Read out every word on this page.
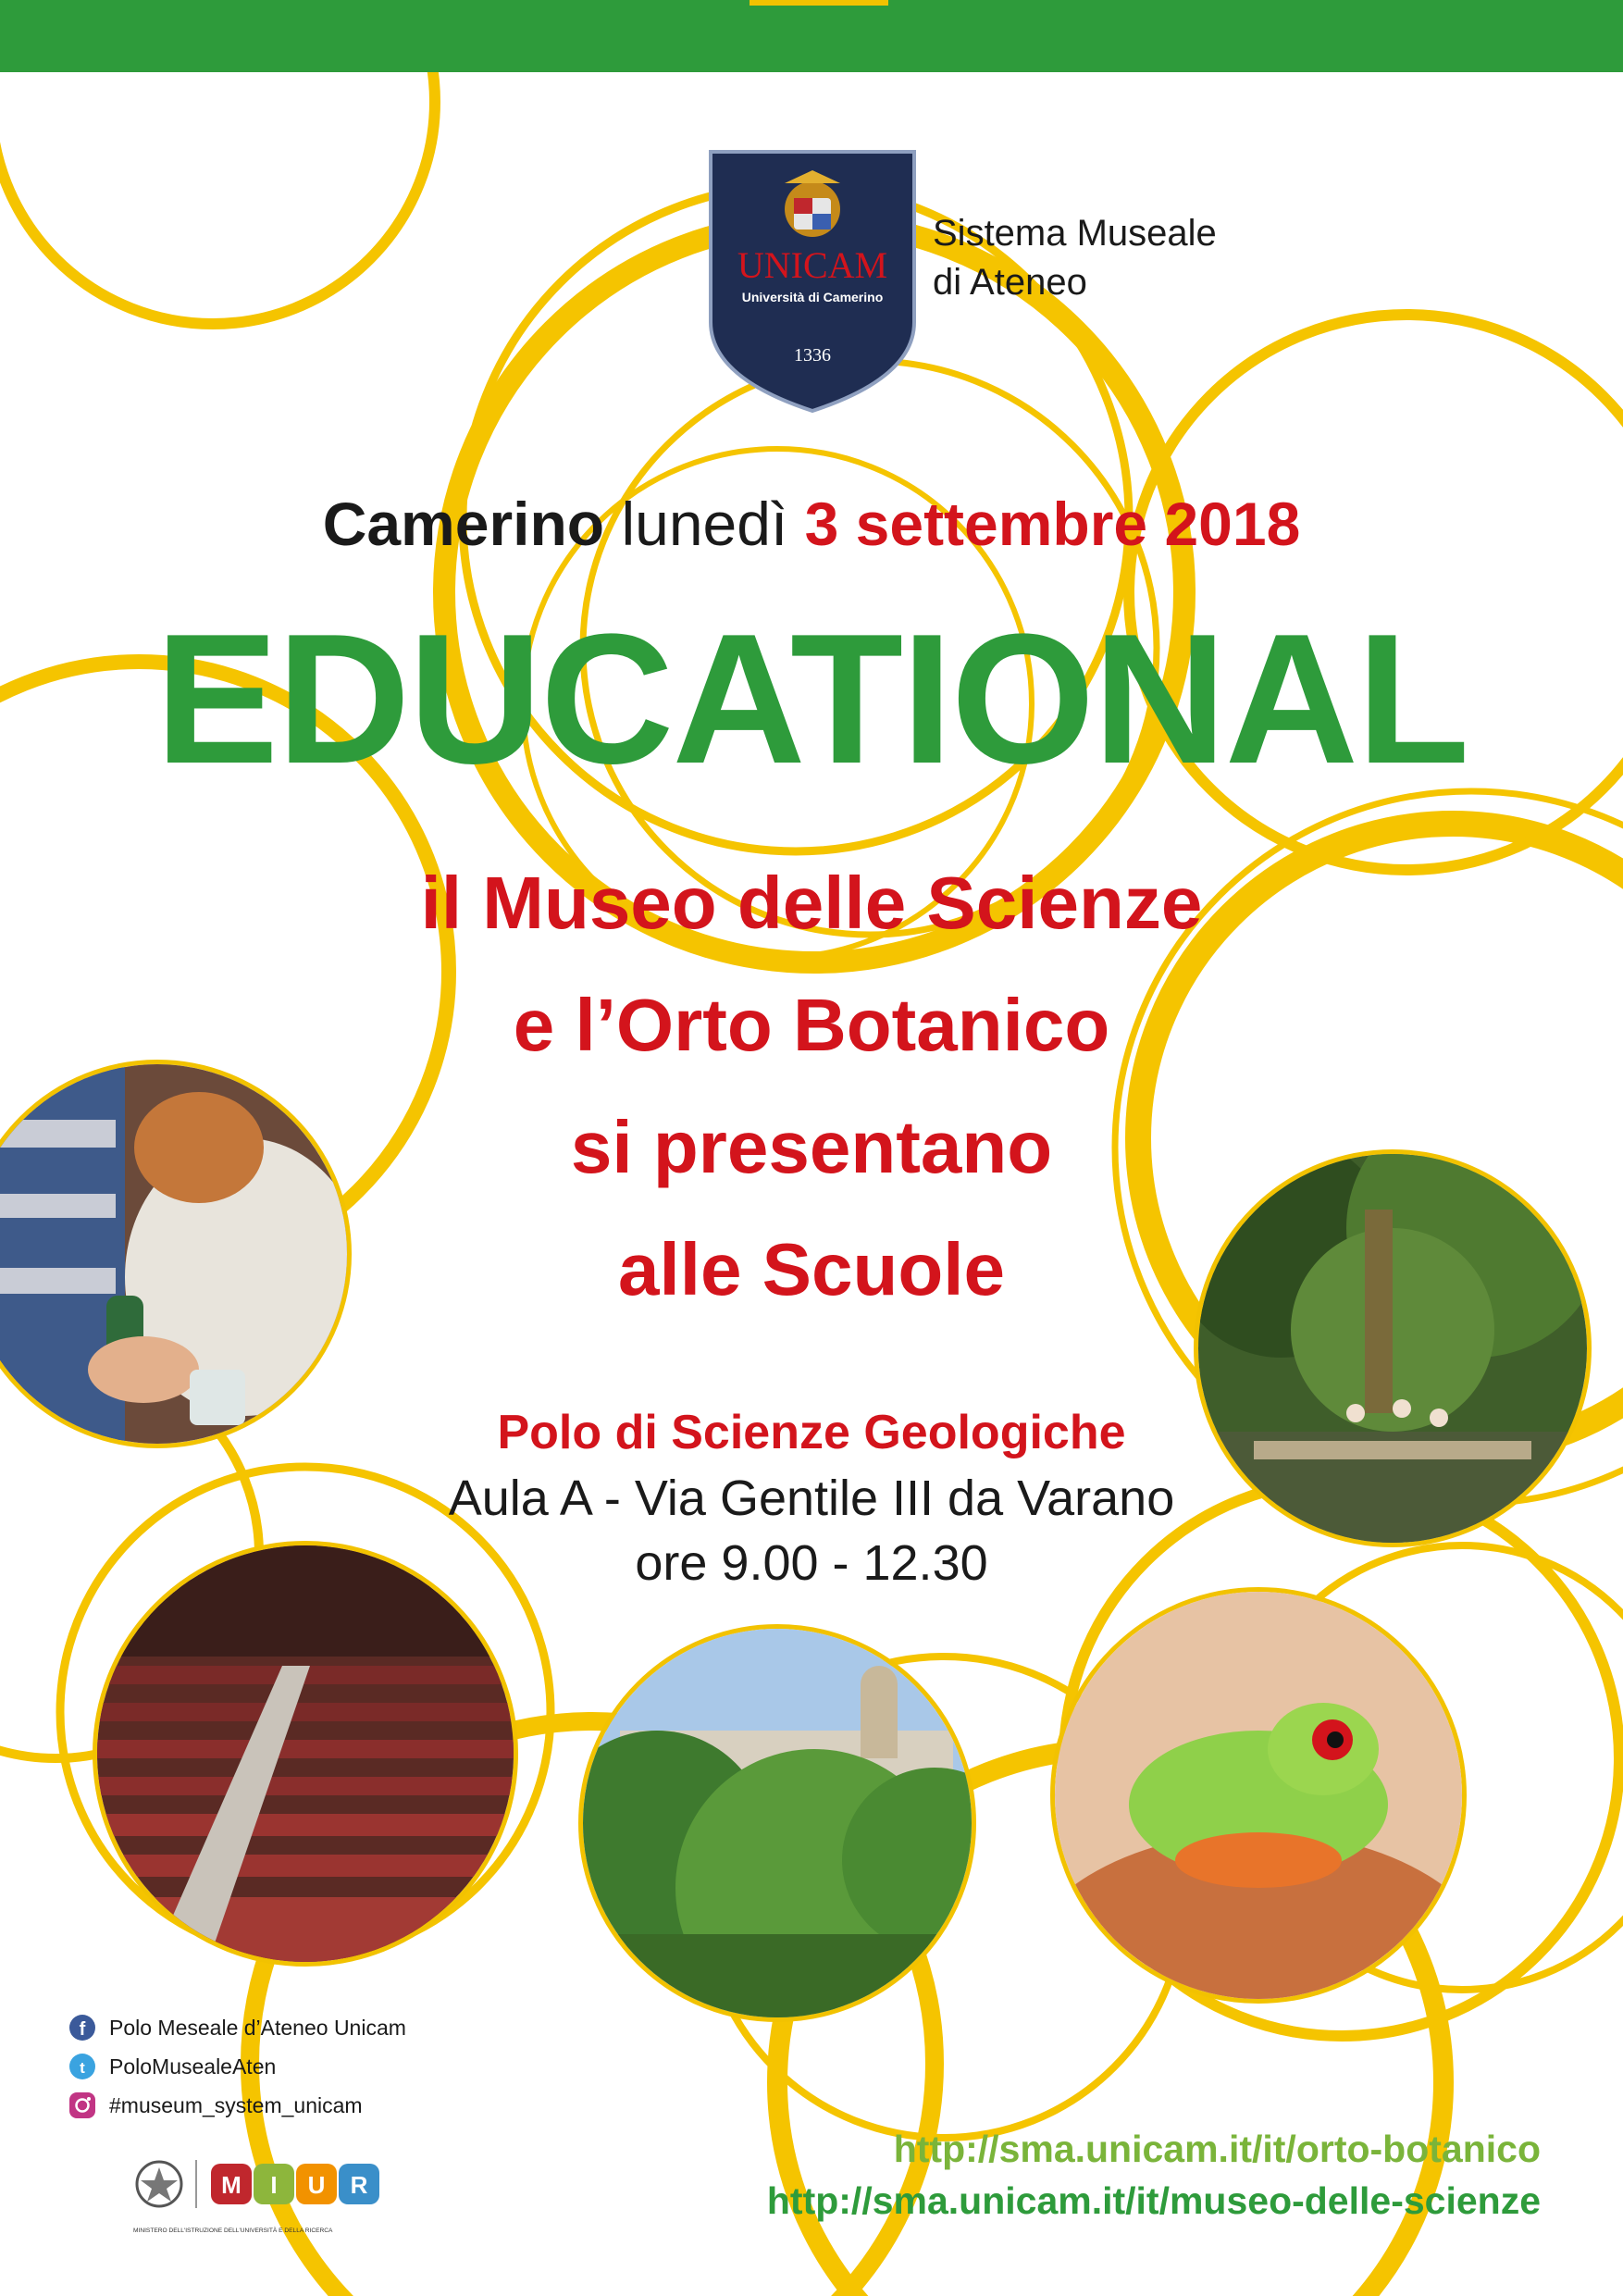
UNICAM
Università di Camerino
1336
Sistema Museale
di Ateneo
Camerino lunedì 3 settembre 2018
EDUCATIONAL
il Museo delle Scienze
e l’Orto Botanico
si presentano
alle Scuole
Polo di Scienze Geologiche
Aula A - Via Gentile III da Varano
ore 9.00 - 12.30
f Polo Meseale d’Ateneo Unicam
t PoloMusealeAten
#museum_system_unicam
M I U R
MINISTERO DELL'ISTRUZIONE DELL'UNIVERSITÀ E DELLA RICERCA
http://sma.unicam.it/it/orto-botanico
http://sma.unicam.it/it/museo-delle-scienze
